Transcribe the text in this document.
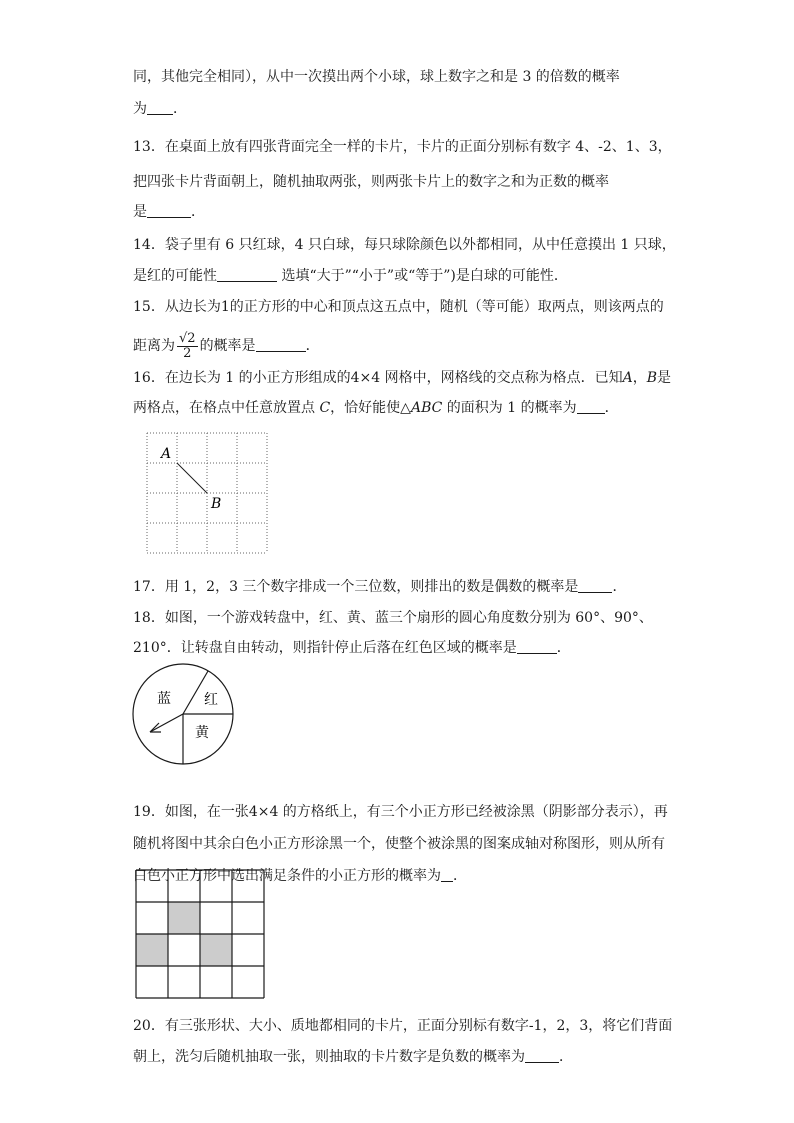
同，其他完全相同），从中一次摸出两个小球，球上数字之和是 3 的倍数的概率
为 ．
13．在桌面上放有四张背面完全一样的卡片，卡片的正面分别标有数字 4、-2、1、3，
把四张卡片背面朝上，随机抽取两张，则两张卡片上的数字之和为正数的概率
是	．
14．袋子里有 6 只红球，4 只白球，每只球除颜色以外都相同，从中任意摸出 1 只球，
是红的可能性	选填“大于”“小于”或“等于”)是白球的可能性．
15．从边长为1的正方形的中心和顶点这五点中，随机（等可能）取两点，则该两点的
距离为 $\frac{√2}{2}$ 的概率是	．
16．在边长为 1 的小正方形组成的4×4 网格中，网格线的交点称为格点．已知A，B是
两格点，在格点中任意放置点 C，恰好能使△ABC 的面积为 1 的概率为 ．
A
B
17．用 1，2，3 三个数字排成一个三位数，则排出的数是偶数的概率是 ．
18．如图，一个游戏转盘中，红、黄、蓝三个扇形的圆心角度数分别为 60°、90°、
210°．让转盘自由转动，则指针停止后落在红色区域的概率是	．
蓝 红
黄
19．如图，在一张4×4 的方格纸上，有三个小正方形已经被涂黑（阴影部分表示），再
随机将图中其余白色小正方形涂黑一个，使整个被涂黑的图案成轴对称图形，则从所有
白色小正方形中选出满足条件的小正方形的概率为 ．
20．有三张形状、大小、质地都相同的卡片，正面分别标有数字-1，2，3，将它们背面
朝上，洗匀后随机抽取一张，则抽取的卡片数字是负数的概率为 ．
